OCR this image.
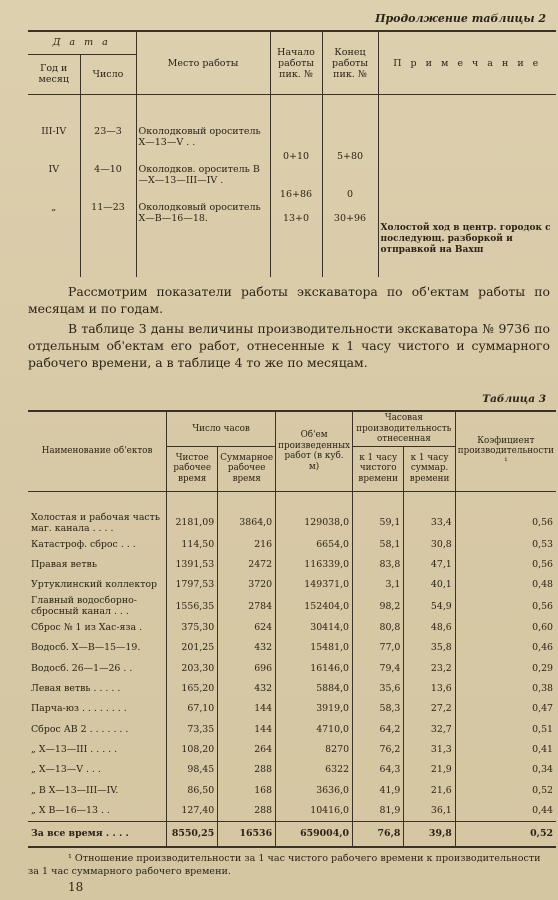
Продолжение таблицы 2
Д а т а		Место работы	Начало работы пик. №	Конец работы пик. №	П р и м е ч а н и е
Год и месяц	Число				

III-IV	23—3	Околодковый ороситель Х—13—V . .	0+10	5+80	
IV	4—10	Околодков. ороситель В—Х—13—III—IV .	16+86	0	
„	11—23	Околодковый ороситель Х—В—16—18.	13+0	30+96	Холостой ход в центр. городок с последующ. разборкой и отправкой на Вахш

Рассмотрим показатели работы экскаватора по об'ектам работы по месяцам и по годам.

В таблице 3 даны величины производительности экскаватора № 9736 по отдельным об'ектам его работ, отнесенные к 1 часу чистого и суммарного рабочего времени, а в таблице 4 то же по месяцам.

Таблица 3
Наименование об'ектов	Число часов		Об'ем произведенных работ (в куб. м)	Часовая производительность отнесенная		Коэфициент производительности ¹
	Чистое рабочее время	Суммарное рабочее время		к 1 часу чистого времени	к 1 часу суммар. времени	

Холостая и рабочая часть маг. канала . . . .	2181,09	3864,0	129038,0	59,1	33,4	0,56
Катастроф. сброс . . .	114,50	216	6654,0	58,1	30,8	0,53
Правая ветвь	1391,53	2472	116339,0	83,8	47,1	0,56
Уртуклинский коллектор	1797,53	3720	149371,0	3,1	40,1	0,48
Главный водосборно-сбросный канал . . .	1556,35	2784	152404,0	98,2	54,9	0,56
Сброс № 1 из Хас-яза .	375,30	624	30414,0	80,8	48,6	0,60
Водосб. Х—В—15—19.	201,25	432	15481,0	77,0	35,8	0,46
Водосб. 26—1—26 . .	203,30	696	16146,0	79,4	23,2	0,29
Левая ветвь . . . . .	165,20	432	5884,0	35,6	13,6	0,38
Парча-юз . . . . . . . .	67,10	144	3919,0	58,3	27,2	0,47
Сброс АВ 2 . . . . . . .	73,35	144	4710,0	64,2	32,7	0,51
„ Х—13—III . . . . .	108,20	264	8270	76,2	31,3	0,41
„ Х—13—V . . .	98,45	288	6322	64,3	21,9	0,34
„ В Х—13—III—IV.	86,50	168	3636,0	41,9	21,6	0,52
„ Х В—16—13 . .	127,40	288	10416,0	81,9	36,1	0,44
За все время . . . .	8550,25	16536	659004,0	76,8	39,8	0,52

¹ Отношение производительности за 1 час чистого рабочего времени к производительности за 1 час суммарного рабочего времени.

18
